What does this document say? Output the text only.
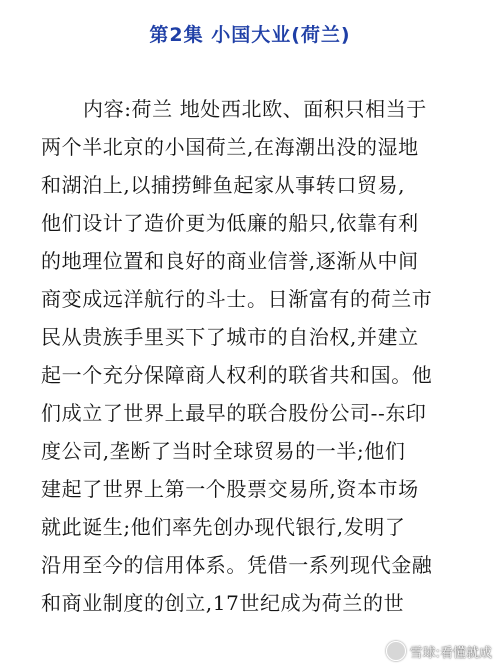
第2集 小国大业(荷兰)
内容:荷兰 地处西北欧、面积只相当于
两个半北京的小国荷兰,在海潮出没的湿地
和湖泊上,以捕捞鲱鱼起家从事转口贸易,
他们设计了造价更为低廉的船只,依靠有利
的地理位置和良好的商业信誉,逐渐从中间
商变成远洋航行的斗士。日渐富有的荷兰市
民从贵族手里买下了城市的自治权,并建立
起一个充分保障商人权利的联省共和国。他
们成立了世界上最早的联合股份公司--东印
度公司,垄断了当时全球贸易的一半;他们
建起了世界上第一个股票交易所,资本市场
就此诞生;他们率先创办现代银行,发明了
沿用至今的信用体系。凭借一系列现代金融
和商业制度的创立,17世纪成为荷兰的世
雪球:看懂就成
